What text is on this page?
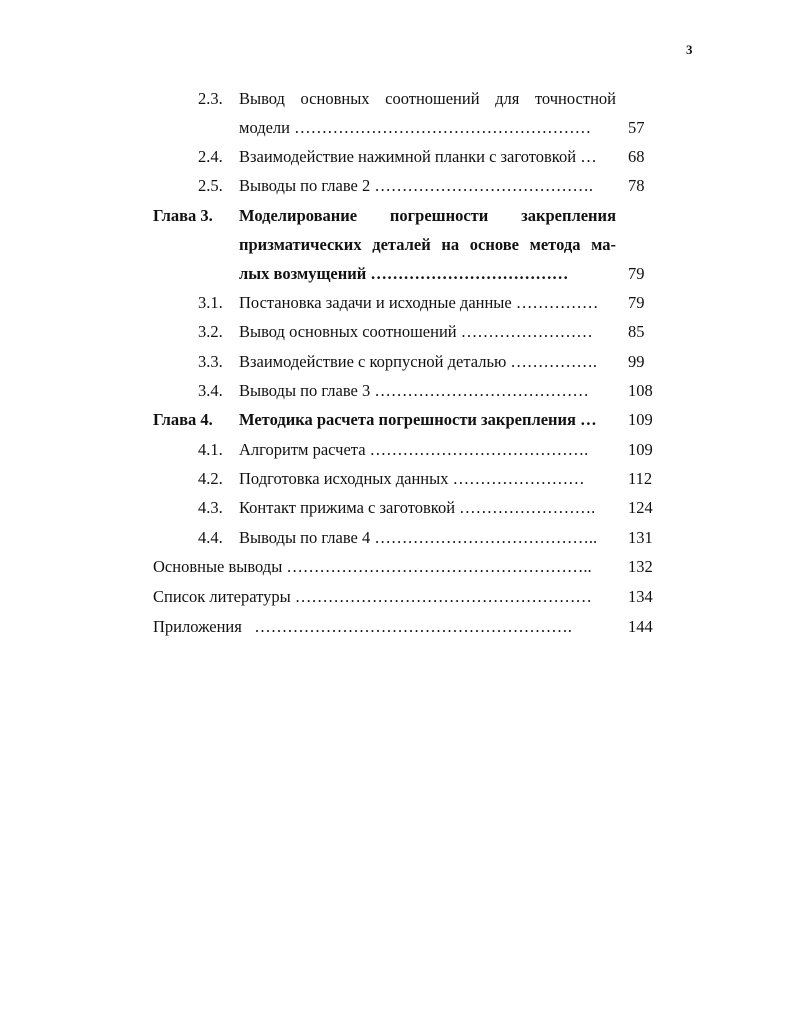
3
2.3. Вывод основных соотношений для точностной
модели ……………………………………………… 57
2.4. Взаимодействие нажимной планки с заготовкой … 68
2.5. Выводы по главе 2 …………………………………. 78
Глава 3. Моделирование погрешности закрепления
призматических деталей на основе метода ма-
лых возмущений ………………………………	79
3.1. Постановка задачи и исходные данные …………… 79
3.2. Вывод основных соотношений …………………… 85
3.3. Взаимодействие с корпусной деталью ……………. 99
3.4. Выводы по главе 3 ………………………………… 108
Глава 4. Методика расчета погрешности закрепления … 109
4.1. Алгоритм расчета …………………………………. 109
4.2. Подготовка исходных данных ……………………	112
4.3. Контакт прижима с заготовкой ……………………. 124
4.4. Выводы по главе 4 ………………………………….. 131
Основные выводы ……………………………………………….. 132
Список литературы ……………………………………………… 134
Приложения   ………………………………………………….	144
